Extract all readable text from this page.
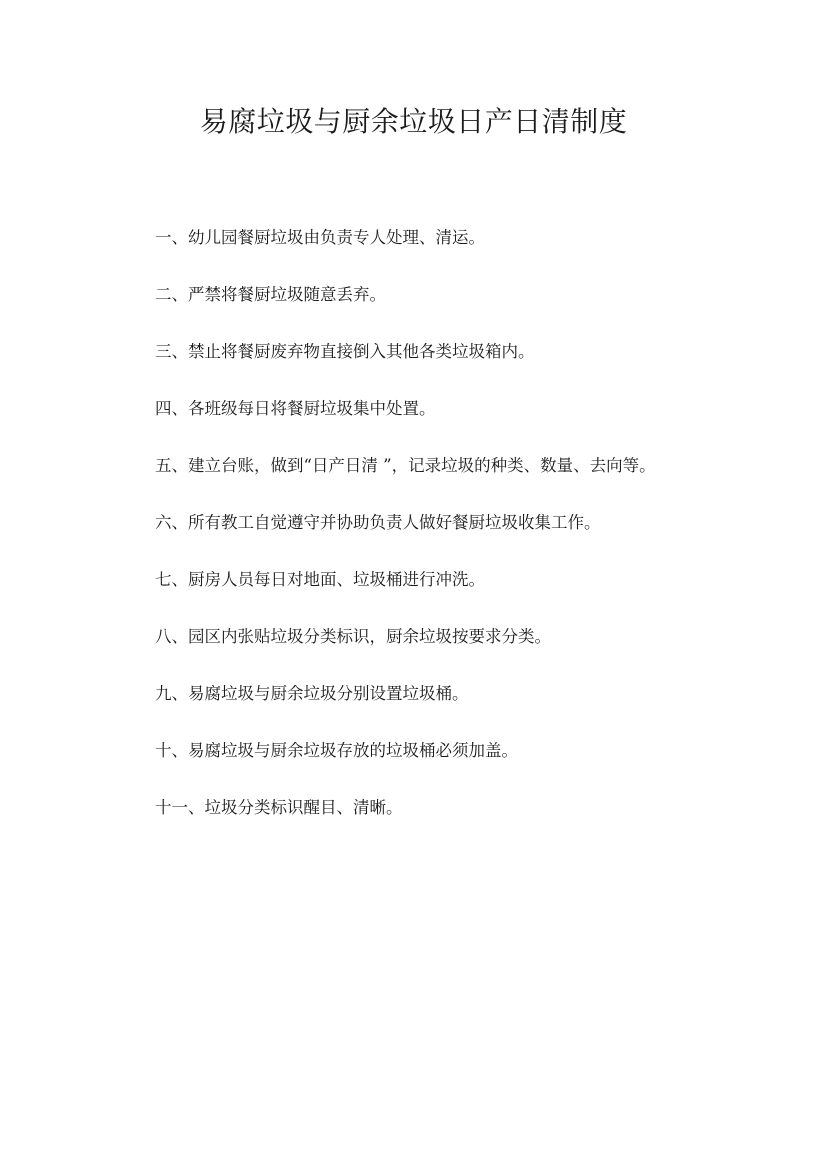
易腐垃圾与厨余垃圾日产日清制度
一、幼儿园餐厨垃圾由负责专人处理、清运。
二、严禁将餐厨垃圾随意丢弃。
三、禁止将餐厨废弃物直接倒入其他各类垃圾箱内。
四、各班级每日将餐厨垃圾集中处置。
五、建立台账，做到“日产日清 ”，记录垃圾的种类、数量、去向等。
六、所有教工自觉遵守并协助负责人做好餐厨垃圾收集工作。
七、厨房人员每日对地面、垃圾桶进行冲洗。
八、园区内张贴垃圾分类标识，厨余垃圾按要求分类。
九、易腐垃圾与厨余垃圾分别设置垃圾桶。
十、易腐垃圾与厨余垃圾存放的垃圾桶必须加盖。
十一、垃圾分类标识醒目、清晰。
